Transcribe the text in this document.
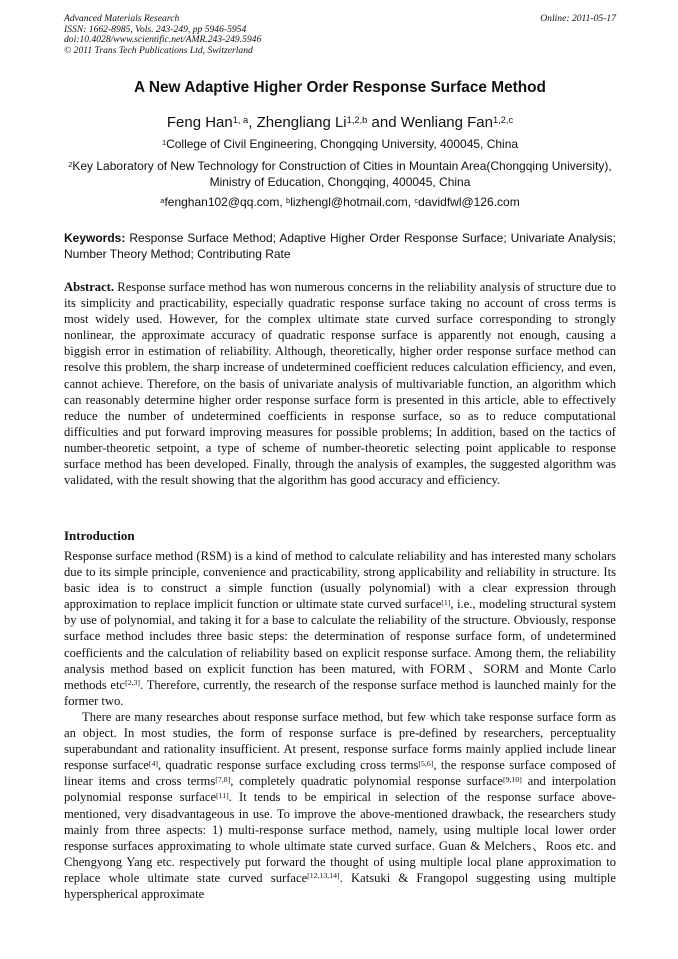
Advanced Materials Research
ISSN: 1662-8985, Vols. 243-249, pp 5946-5954
doi:10.4028/www.scientific.net/AMR.243-249.5946
© 2011 Trans Tech Publications Ltd, Switzerland
Online: 2011-05-17
A New Adaptive Higher Order Response Surface Method
Feng Han$^{1, a}$, Zhengliang Li$^{1,2,b}$ and Wenliang Fan$^{1,2,c}$
$^1$College of Civil Engineering, Chongqing University, 400045, China
$^2$Key Laboratory of New Technology for Construction of Cities in Mountain Area(Chongqing University), Ministry of Education, Chongqing, 400045, China
$^a$fenghan102@qq.com, $^b$lizhengl@hotmail.com, $^c$davidfwl@126.com
Keywords: Response Surface Method; Adaptive Higher Order Response Surface; Univariate Analysis; Number Theory Method; Contributing Rate
Abstract. Response surface method has won numerous concerns in the reliability analysis of structure due to its simplicity and practicability, especially quadratic response surface taking no account of cross terms is most widely used. However, for the complex ultimate state curved surface corresponding to strongly nonlinear, the approximate accuracy of quadratic response surface is apparently not enough, causing a biggish error in estimation of reliability. Although, theoretically, higher order response surface method can resolve this problem, the sharp increase of undetermined coefficient reduces calculation efficiency, and even, cannot achieve. Therefore, on the basis of univariate analysis of multivariable function, an algorithm which can reasonably determine higher order response surface form is presented in this article, able to effectively reduce the number of undetermined coefficients in response surface, so as to reduce computational difficulties and put forward improving measures for possible problems; In addition, based on the tactics of number-theoretic setpoint, a type of scheme of number-theoretic selecting point applicable to response surface method has been developed. Finally, through the analysis of examples, the suggested algorithm was validated, with the result showing that the algorithm has good accuracy and efficiency.
Introduction

Response surface method (RSM) is a kind of method to calculate reliability and has interested many scholars due to its simple principle, convenience and practicability, strong applicability and reliability in structure. Its basic idea is to construct a simple function (usually polynomial) with a clear expression through approximation to replace implicit function or ultimate state curved surface[1], i.e., modeling structural system by use of polynomial, and taking it for a base to calculate the reliability of the structure. Obviously, response surface method includes three basic steps: the determination of response surface form, of undetermined coefficients and the calculation of reliability based on explicit response surface. Among them, the reliability analysis method based on explicit function has been matured, with FORM、SORM and Monte Carlo methods etc[2,3]. Therefore, currently, the research of the response surface method is launched mainly for the former two.

There are many researches about response surface method, but few which take response surface form as an object. In most studies, the form of response surface is pre-defined by researchers, perceptuality superabundant and rationality insufficient. At present, response surface forms mainly applied include linear response surface[4], quadratic response surface excluding cross terms[5,6], the response surface composed of linear items and cross terms[7,8], completely quadratic polynomial response surface[9,10] and interpolation polynomial response surface[11]. It tends to be empirical in selection of the response surface above-mentioned, very disadvantageous in use. To improve the above-mentioned drawback, the researchers study mainly from three aspects: 1) multi-response surface method, namely, using multiple local lower order response surfaces approximating to whole ultimate state curved surface. Guan & Melchers、Roos etc. and Chengyong Yang etc. respectively put forward the thought of using multiple local plane approximation to replace whole ultimate state curved surface[12,13,14]. Katsuki & Frangopol suggesting using multiple hyperspherical approximate
